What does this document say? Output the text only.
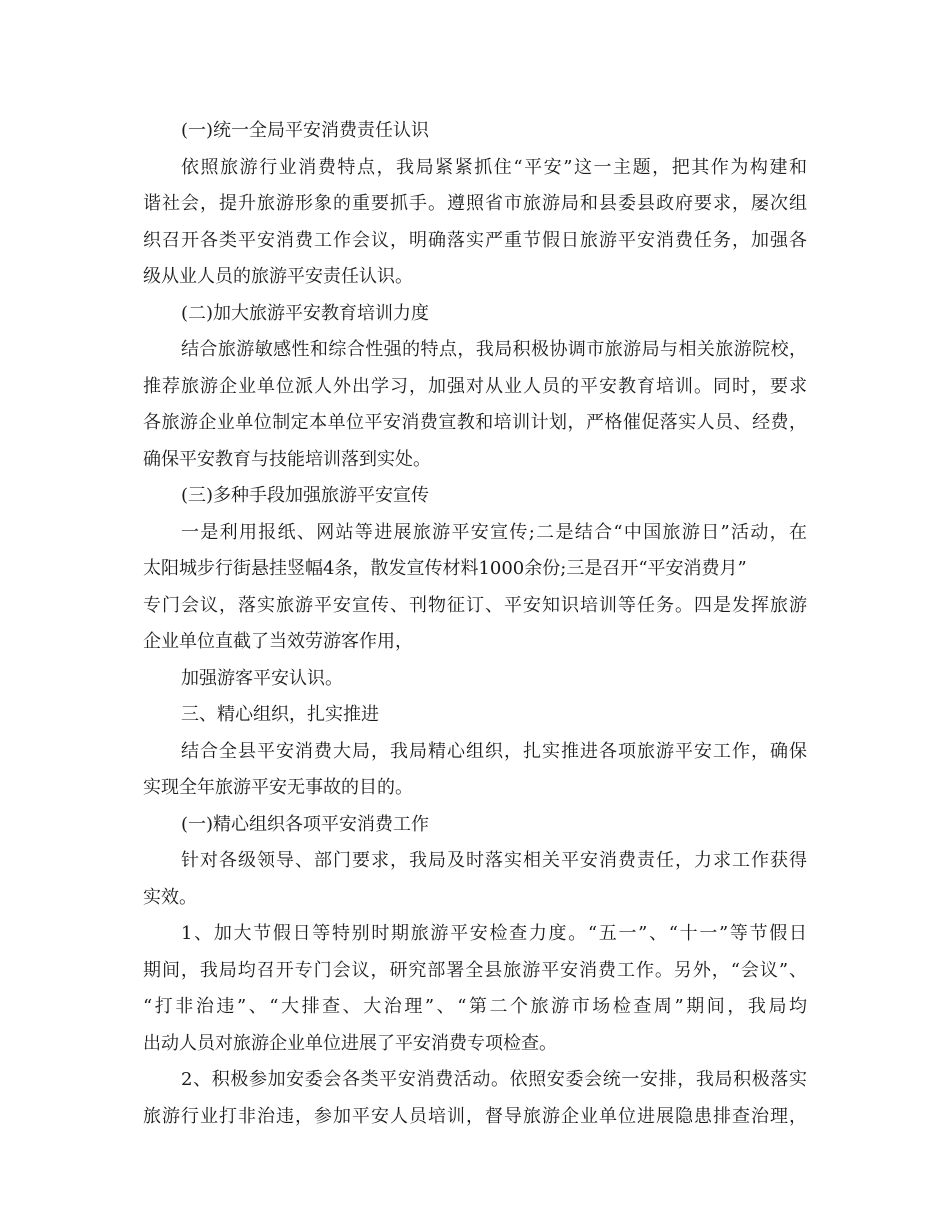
(一)统一全局平安消费责任认识
依照旅游行业消费特点，我局紧紧抓住“平安”这一主题，把其作为构建和
谐社会，提升旅游形象的重要抓手。遵照省市旅游局和县委县政府要求，屡次组
织召开各类平安消费工作会议，明确落实严重节假日旅游平安消费任务，加强各
级从业人员的旅游平安责任认识。
(二)加大旅游平安教育培训力度
结合旅游敏感性和综合性强的特点，我局积极协调市旅游局与相关旅游院校，
推荐旅游企业单位派人外出学习，加强对从业人员的平安教育培训。同时，要求
各旅游企业单位制定本单位平安消费宣教和培训计划，严格催促落实人员、经费，
确保平安教育与技能培训落到实处。
(三)多种手段加强旅游平安宣传
一是利用报纸、网站等进展旅游平安宣传;二是结合“中国旅游日”活动，在
太阳城步行街悬挂竖幅4条，散发宣传材料1000余份;三是召开“平安消费月”
专门会议，落实旅游平安宣传、刊物征订、平安知识培训等任务。四是发挥旅游
企业单位直截了当效劳游客作用，
加强游客平安认识。
三、精心组织，扎实推进
结合全县平安消费大局，我局精心组织，扎实推进各项旅游平安工作，确保
实现全年旅游平安无事故的目的。
(一)精心组织各项平安消费工作
针对各级领导、部门要求，我局及时落实相关平安消费责任，力求工作获得
实效。
1、加大节假日等特别时期旅游平安检查力度。“五一”、“十一”等节假日
期间，我局均召开专门会议，研究部署全县旅游平安消费工作。另外，“会议”、
“打非治违”、“大排查、大治理”、“第二个旅游市场检查周”期间，我局均
出动人员对旅游企业单位进展了平安消费专项检查。
2、积极参加安委会各类平安消费活动。依照安委会统一安排，我局积极落实
旅游行业打非治违，参加平安人员培训，督导旅游企业单位进展隐患排查治理，
